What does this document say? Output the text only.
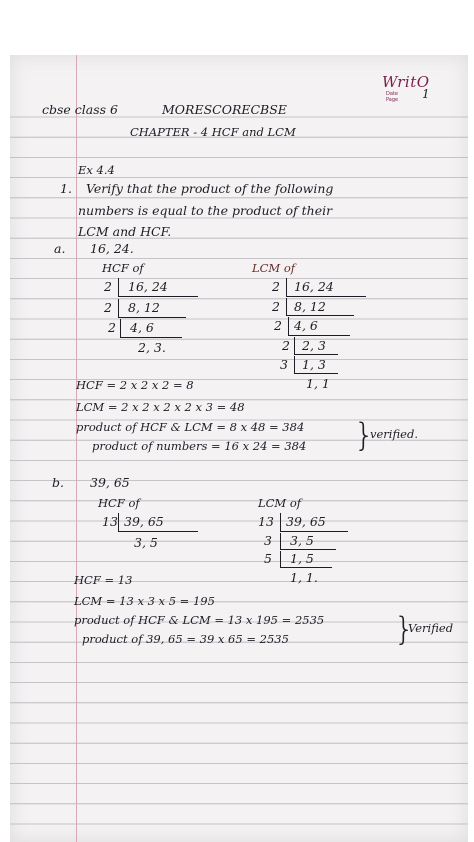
WritO
Date
Page 1
cbse class 6	MORESCORECBSE
CHAPTER - 4 HCF and LCM
Ex 4.4
1. Verify that the product of the following
numbers is equal to the product of their
LCM and HCF.
a. 16, 24.
HCF of
2
2
2
16, 24
8, 12
4, 6
2, 3.
LCM of
2
2
2
2
3
16, 24
8, 12
4, 6
2, 3
1, 3
1, 1
HCF = 2 x 2 x 2 = 8
LCM = 2 x 2 x 2 x 2 x 3 = 48
product of HCF & LCM = 8 x 48 = 384
product of numbers = 16 x 24 = 384 }
verified.
b. 39, 65
HCF of
13 39, 65
3, 5
LCM of
13
3
5
39, 65
3, 5
1, 5
1, 1.
HCF = 13
LCM = 13 x 3 x 5 = 195
product of HCF & LCM = 13 x 195 = 2535
product of 39, 65 = 39 x 65 = 2535	}
Verified
